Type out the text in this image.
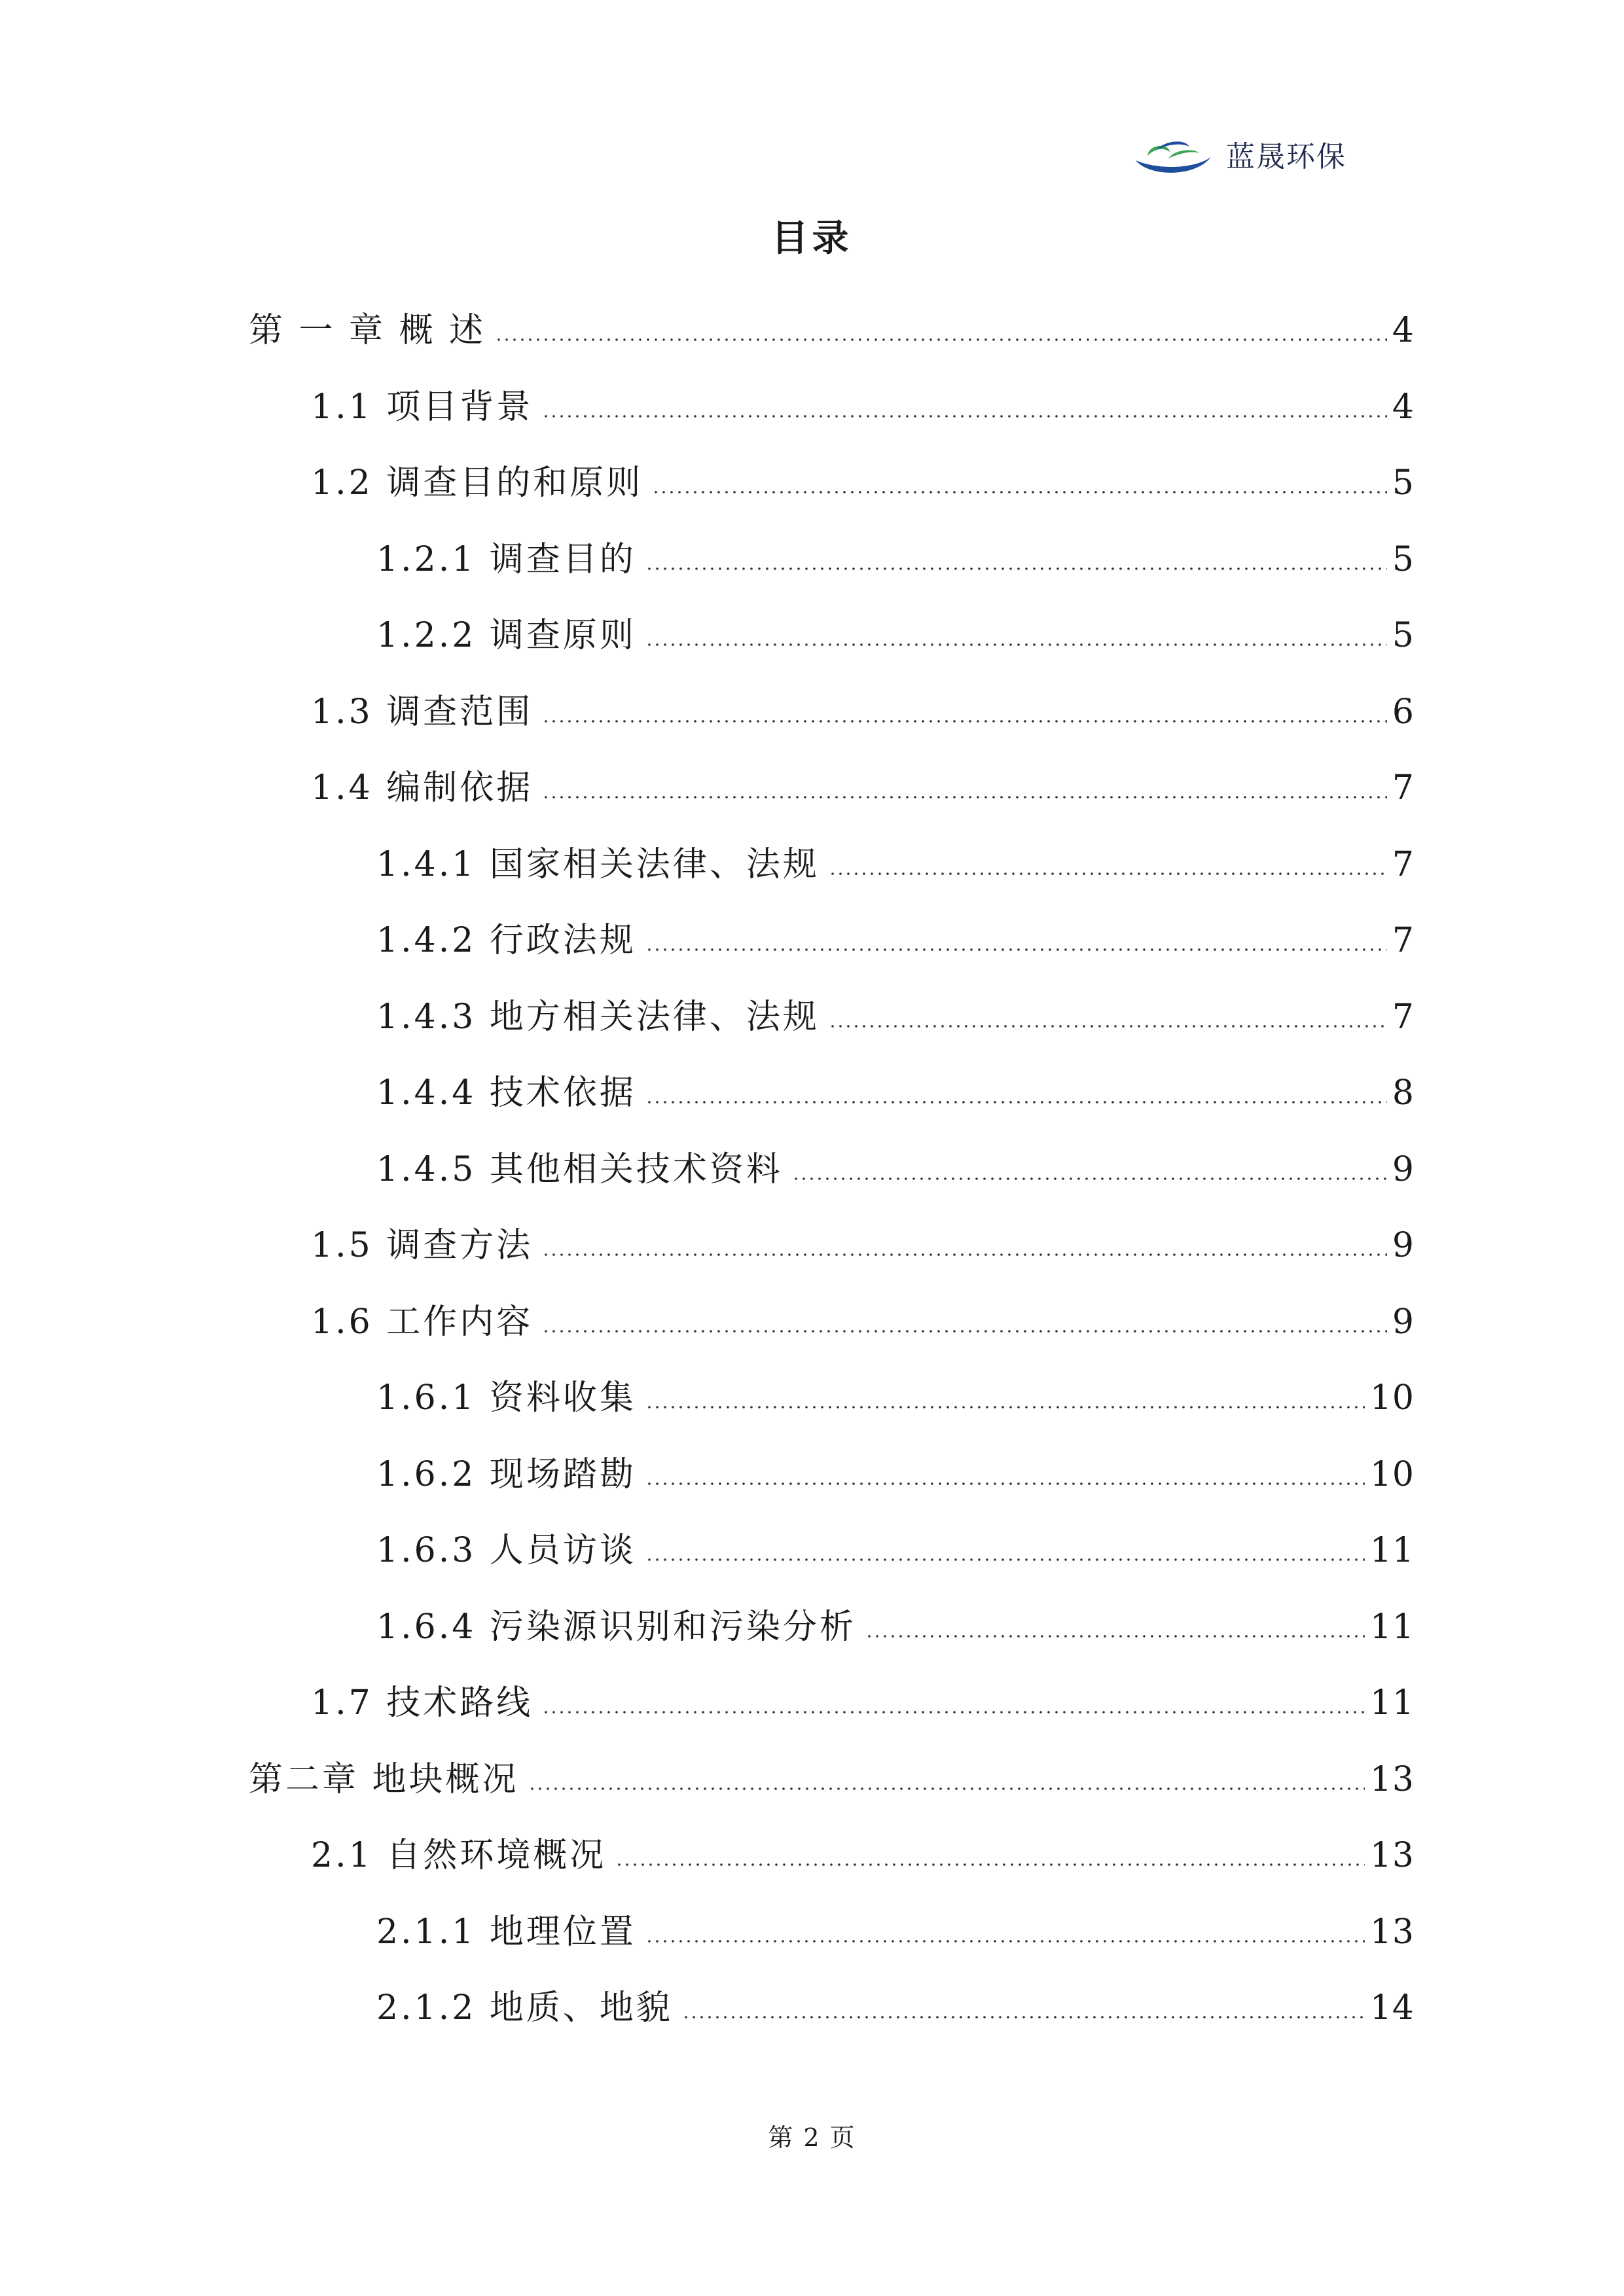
蓝晟环保
目录
第 一 章 概 述	4
1.1 项目背景	4
1.2 调查目的和原则	5
1.2.1 调查目的	5
1.2.2 调查原则	5
1.3 调查范围	6
1.4 编制依据	7
1.4.1 国家相关法律、法规	7
1.4.2 行政法规	7
1.4.3 地方相关法律、法规	7
1.4.4 技术依据	8
1.4.5 其他相关技术资料	9
1.5 调查方法	9
1.6 工作内容	9
1.6.1 资料收集	10
1.6.2 现场踏勘	10
1.6.3 人员访谈	11
1.6.4 污染源识别和污染分析	11
1.7 技术路线	11
第二章 地块概况	13
2.1 自然环境概况	13
2.1.1 地理位置	13
2.1.2 地质、地貌	14
第 2 页
